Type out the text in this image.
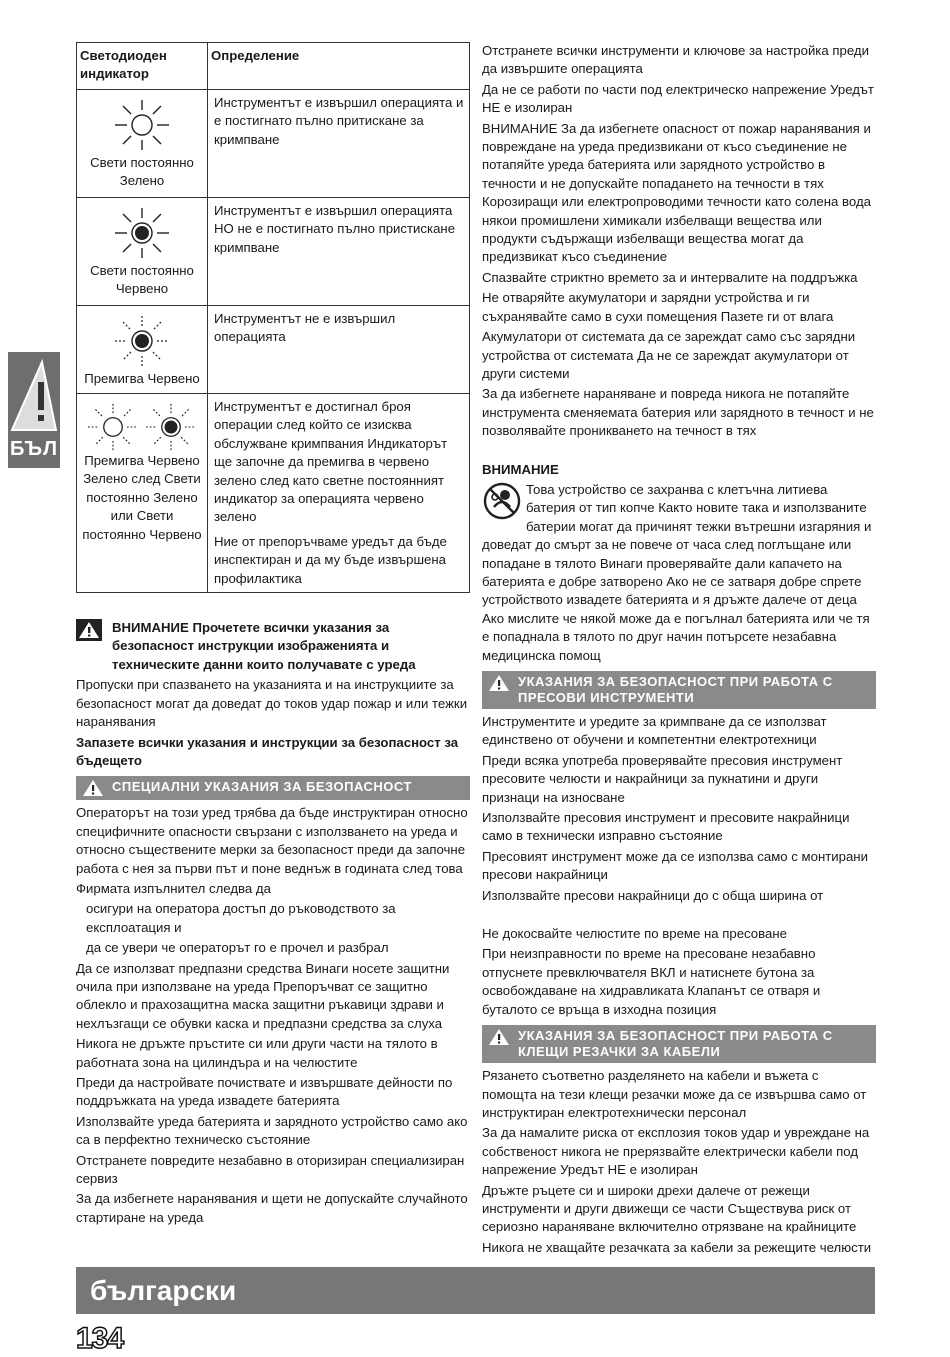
БЪЛ
Светодиоден индикатор	Определение

Свети постоянно Зелено	Инструментът е извършил операцията и е постигнато пълно притискане за кримпване

Свети постоянно Червено	Инструментът е извършил операцията НО не е постигнато пълно пристискане кримпване

Премигва Червено	Инструментът не е извършил операцията

Премигва Червено Зелено след Свети постоянно Зелено или Свети постоянно Червено	Инструментът е достигнал броя операции след който се изисква обслужване кримпвания Индикаторът ще започне да премигва в червено зелено след като светне постоянният индикатор за операцията червено зелено
Ние от препоръчваме уредът да бъде инспектиран и да му бъде извършена профилактика

ВНИМАНИЕ Прочетете всички указания за безопасност инструкции изображенията и техническите данни които получавате с уреда

Пропуски при спазването на указанията и на инструкциите за безопасност могат да доведат до токов удар пожар и или тежки наранявания

Запазете всички указания и инструкции за безопасност за бъдещето

СПЕЦИАЛНИ УКАЗАНИЯ ЗА БЕЗОПАСНОСТ

Операторът на този уред трябва да бъде инструктиран относно специфичните опасности свързани с използването на уреда и относно съществените мерки за безопасност преди да започне работа с нея за първи път и поне веднъж в годината след това

Фирмата изпълнител следва да

осигури на оператора достъп до ръководството за експлоатация и

да се увери че операторът го е прочел и разбрал

Да се използват предпазни средства Винаги носете защитни очила при използване на уреда Препоръчват се защитно облекло и прахозащитна маска защитни ръкавици здрави и нехлъзгащи се обувки каска и предпазни средства за слуха

Никога не дръжте пръстите си или други части на тялото в работната зона на цилиндъра и на челюстите

Преди да настройвате почиствате и извършвате дейности по поддръжката на уреда извадете батерията

Използвайте уреда батерията и зарядното устройство само ако са в перфектно техническо състояние

Отстранете повредите незабавно в оторизиран специализиран сервиз

За да избегнете наранявания и щети не допускайте случайното стартиране на уреда

Отстранете всички инструменти и ключове за настройка преди да извършите операцията

Да не се работи по части под електрическо напрежение Уредът НЕ е изолиран

ВНИМАНИЕ За да избегнете опасност от пожар наранявания и повреждане на уреда предизвикани от късо съединение не потапяйте уреда батерията или зарядното устройство в течности и не допускайте попадането на течности в тях Корозиращи или електропроводими течности като солена вода някои промишлени химикали избелващи вещества или продукти съдържащи избелващи вещества могат да предизвикат късо съединение

Спазвайте стриктно времето за и интервалите на поддръжка

Не отваряйте акумулатори и зарядни устройства и ги съхранявайте само в сухи помещения Пазете ги от влага

Акумулатори от системата да се зареждат само със зарядни устройства от системата Да не се зареждат акумулатори от други системи

За да избегнете нараняване и повреда никога не потапяйте инструмента сменяемата батерия или зарядното в течност и не позволявайте проникването на течност в тях

ВНИМАНИЕ

Това устройство се захранва с клетъчна литиева батерия от тип копче Както новите така и използваните батерии могат да причинят тежки вътрешни изгаряния и доведат до смърт за не повече от часа след поглъщане или попадане в тялото Винаги проверявайте дали капачето на батерията е добре затворено Ако не се затваря добре спрете устройството извадете батерията и я дръжте далече от деца Ако мислите че някой може да е погълнал батерията или че тя е попаднала в тялото по друг начин потърсете незабавна медицинска помощ
УКАЗАНИЯ ЗА БЕЗОПАСНОСТ ПРИ РАБОТА С ПРЕСОВИ ИНСТРУМЕНТИ

Инструментите и уредите за кримпване да се използват единствено от обучени и компетентни електротехници

Преди всяка употреба проверявайте пресовия инструмент пресовите челюсти и накрайници за пукнатини и други признаци на износване

Използвайте пресовия инструмент и пресовите накрайници само в технически изправно състояние

Пресовият инструмент може да се използва само с монтирани пресови накрайници

Използвайте пресови накрайници до с обща ширина от

Не докосвайте челюстите по време на пресоване

При неизправности по време на пресоване незабавно отпуснете превключвателя ВКЛ и натиснете бутона за освобождаване на хидравликата Клапанът се отваря и буталото се връща в изходна позиция

УКАЗАНИЯ ЗА БЕЗОПАСНОСТ ПРИ РАБОТА С КЛЕЩИ РЕЗАЧКИ ЗА КАБЕЛИ

Рязането съответно разделянето на кабели и въжета с помощта на тези клещи резачки може да се извършва само от инструктиран електротехнически персонал

За да намалите риска от експлозия токов удар и увреждане на собственост никога не прерязвайте електрически кабели под напрежение Уредът НЕ е изолиран

Дръжте ръцете си и широки дрехи далече от режещи инструменти и други движещи се части Съществува риск от сериозно нараняване включително отрязване на крайниците

Никога не хващайте резачката за кабели за режещите челюсти

български
134
